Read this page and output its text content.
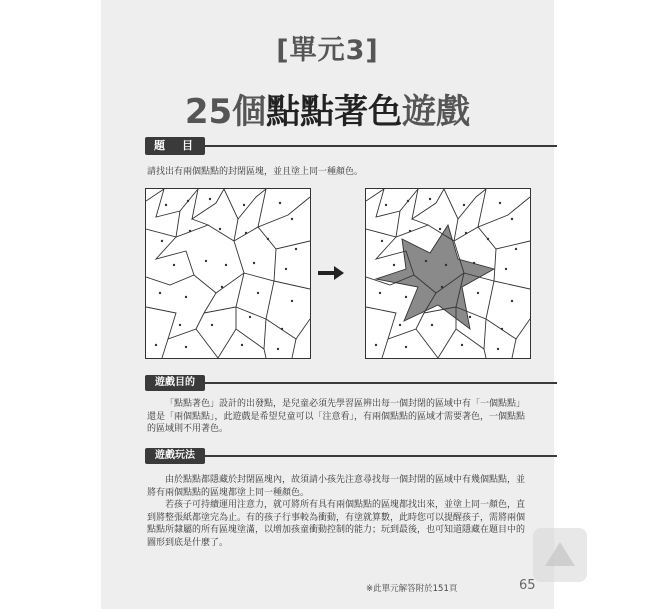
[單元3]
25個點點著色遊戲
題　目
請找出有兩個點點的封閉區塊，並且塗上同一種顏色。
遊戲目的

「點點著色」設計的出發點，是兒童必須先學習區辨出每一個封閉的區域中有「一個點點」還是「兩個點點」，此遊戲是希望兒童可以「注意看」，有兩個點點的區域才需要著色，一個點點的區域則不用著色。

遊戲玩法

由於點點都隱藏於封閉區塊內，故須請小孩先注意尋找每一個封閉的區域中有幾個點點，並將有兩個點點的區塊都塗上同一種顏色。

若孩子可持續運用注意力，就可將所有具有兩個點點的區塊都找出來，並塗上同一顏色，直到將整張紙都塗完為止。有的孩子行事較為衝動，有塗就算數，此時您可以提醒孩子，需將兩個點點所隸屬的所有區塊塗滿，以增加孩童衝動控制的能力；玩到最後，也可知道隱藏在題目中的圖形到底是什麼了。

※此單元解答附於151頁	65
